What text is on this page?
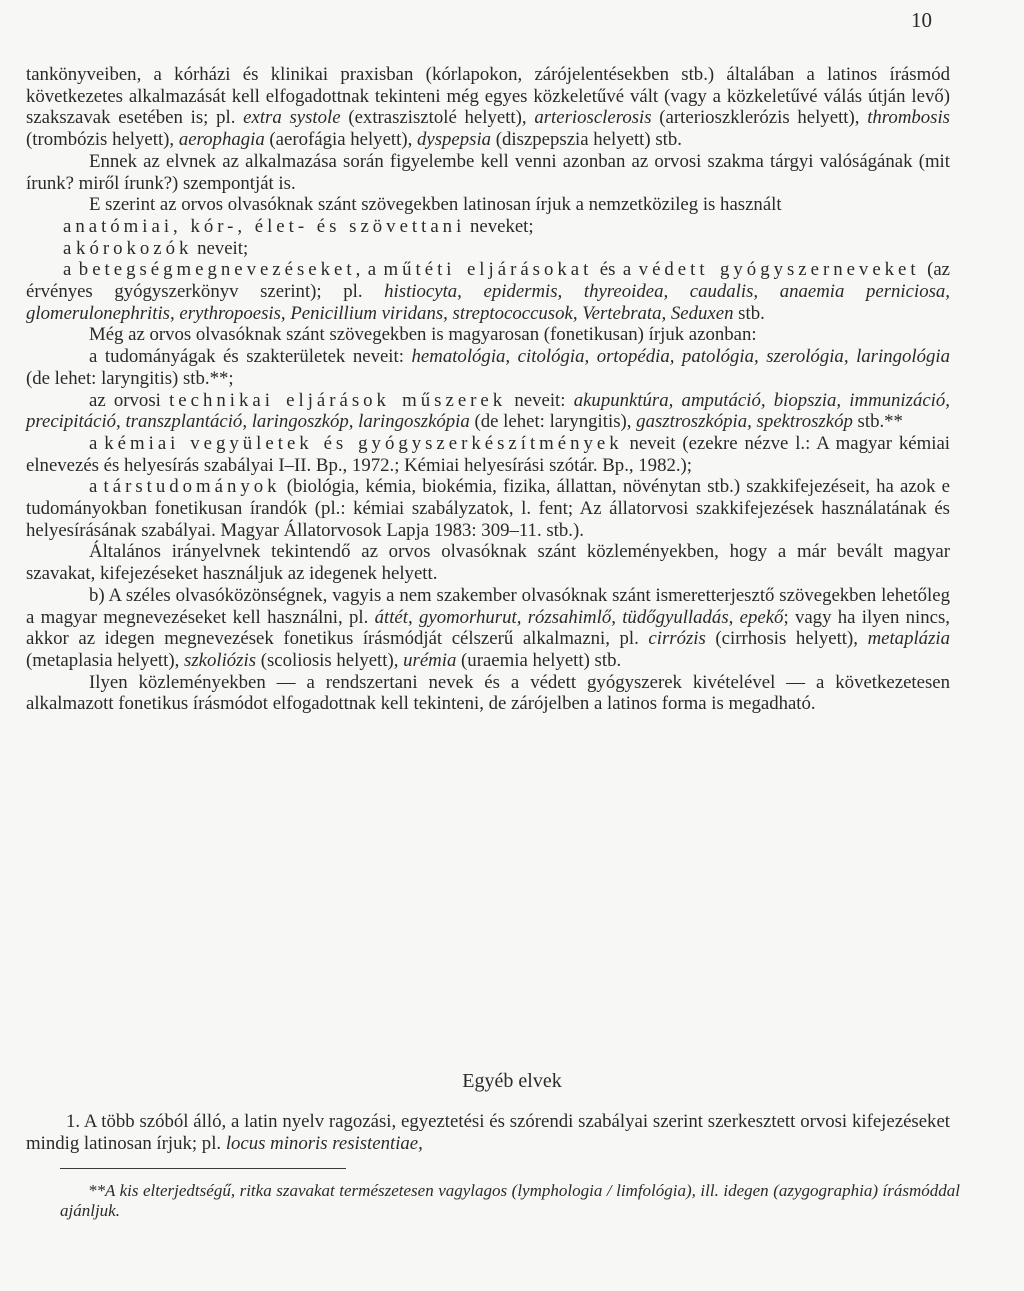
10

tankönyveiben, a kórházi és klinikai praxisban (kórlapokon, zárójelentésekben stb.) általában a latinos írásmód következetes alkalmazását kell elfogadottnak tekinteni még egyes közkeletűvé vált (vagy a közkeletűvé válás útján levő) szakszavak esetében is; pl. extra systole (extraszisztolé helyett), arteriosclerosis (arterioszklerózis helyett), thrombosis (trombózis helyett), aerophagia (aerofágia helyett), dyspepsia (diszpepszia helyett) stb.

Ennek az elvnek az alkalmazása során figyelembe kell venni azonban az orvosi szakma tárgyi valóságának (mit írunk? miről írunk?) szempontját is.

E szerint az orvos olvasóknak szánt szövegekben latinosan írjuk a nemzetközileg is használt

anatómiai, kór-, élet- és szövettani neveket;

a kórokozók neveit;

a betegségmegnevezéseket, a műtéti eljárásokat és a védett gyógyszerneveket (az érvényes gyógyszerkönyv szerint); pl. histiocyta, epidermis, thyreoidea, caudalis, anaemia perniciosa, glomerulonephritis, erythropoesis, Penicillium viridans, streptococcusok, Vertebrata, Seduxen stb.

Még az orvos olvasóknak szánt szövegekben is magyarosan (fonetikusan) írjuk azonban:

a tudományágak és szakterületek neveit: hematológia, citológia, ortopédia, patológia, szerológia, laringológia (de lehet: laryngitis) stb.**;

az orvosi technikai eljárások műszerek neveit: akupunktúra, amputáció, biopszia, immunizáció, precipitáció, transzplantáció, laringoszkóp, laringoszkópia (de lehet: laryngitis), gasztroszkópia, spektroszkóp stb.**

a kémiai vegyületek és gyógyszerkészítmények neveit (ezekre nézve l.: A magyar kémiai elnevezés és helyesírás szabályai I–II. Bp., 1972.; Kémiai helyesírási szótár. Bp., 1982.);

a társtudományok (biológia, kémia, biokémia, fizika, állattan, növénytan stb.) szakkifejezéseit, ha azok e tudományokban fonetikusan írandók (pl.: kémiai szabályzatok, l. fent; Az állatorvosi szakkifejezések használatának és helyesírásának szabályai. Magyar Állatorvosok Lapja 1983: 309–11. stb.).

Általános irányelvnek tekintendő az orvos olvasóknak szánt közleményekben, hogy a már bevált magyar szavakat, kifejezéseket használjuk az idegenek helyett.

b) A széles olvasóközönségnek, vagyis a nem szakember olvasóknak szánt ismeretterjesztő szövegekben lehetőleg a magyar megnevezéseket kell használni, pl. áttét, gyomorhurut, rózsahimlő, tüdőgyulladás, epekő; vagy ha ilyen nincs, akkor az idegen megnevezések fonetikus írásmódját célszerű alkalmazni, pl. cirrózis (cirrhosis helyett), metaplázia (metaplasia helyett), szkoliózis (scoliosis helyett), urémia (uraemia helyett) stb.

Ilyen közleményekben — a rendszertani nevek és a védett gyógyszerek kivételével — a következetesen alkalmazott fonetikus írásmódot elfogadottnak kell tekinteni, de zárójelben a latinos forma is megadható.

Egyéb elvek

1. A több szóból álló, a latin nyelv ragozási, egyeztetési és szórendi szabályai szerint szerkesztett orvosi kifejezéseket mindig latinosan írjuk; pl. locus minoris resistentiae,

**A kis elterjedtségű, ritka szavakat természetesen vagylagos (lymphologia / limfológia), ill. idegen (azygographia) írásmóddal ajánljuk.
